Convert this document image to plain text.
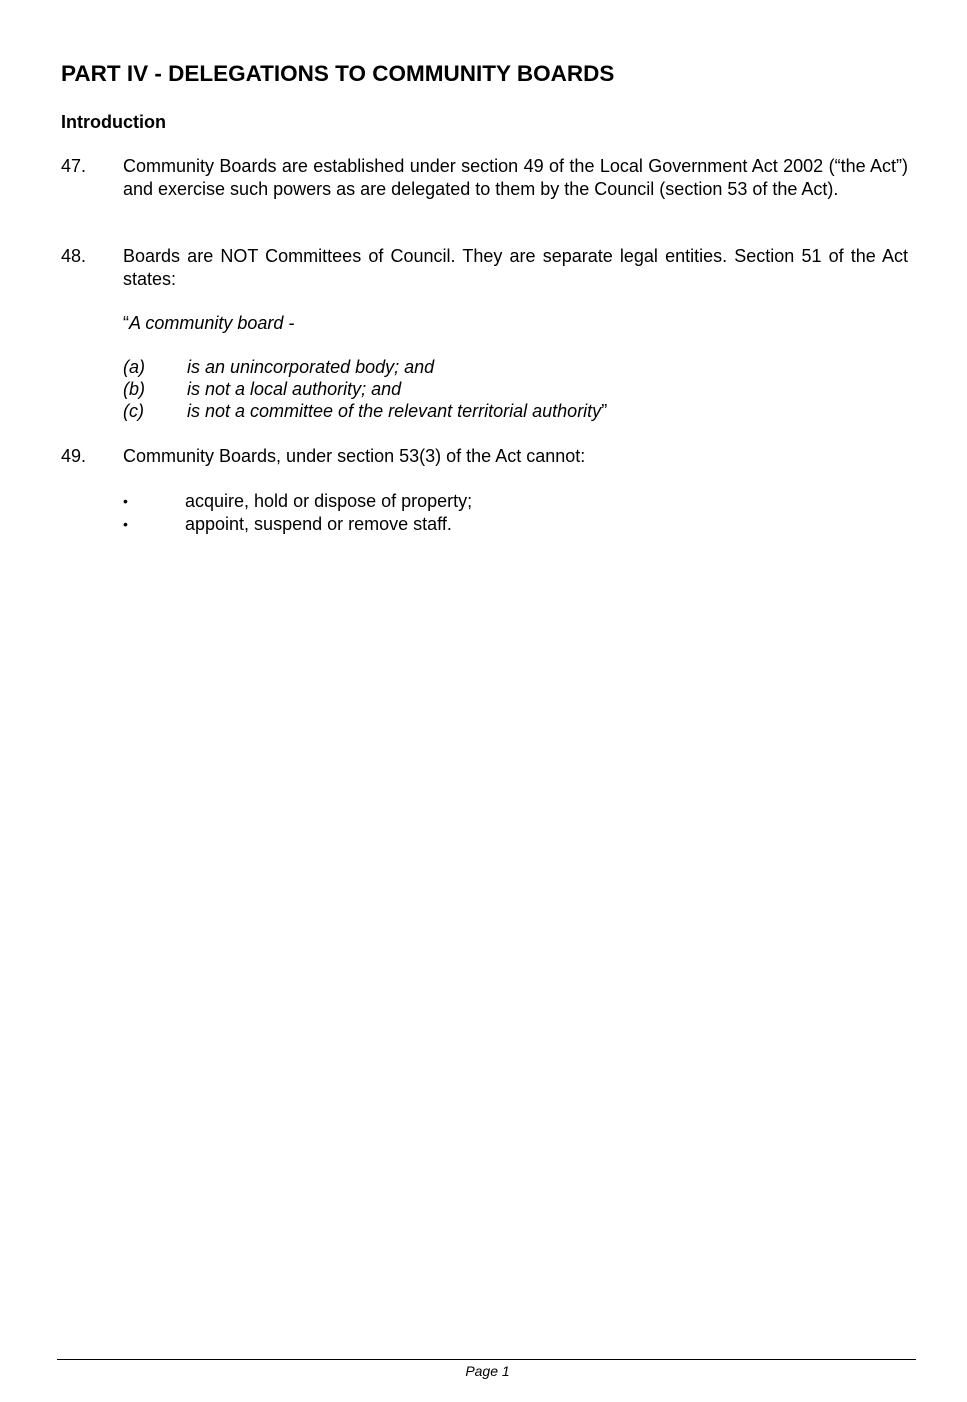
PART IV - DELEGATIONS TO COMMUNITY BOARDS
Introduction
47. Community Boards are established under section 49 of the Local Government Act 2002 (“the Act”) and exercise such powers as are delegated to them by the Council (section 53 of the Act).
48. Boards are NOT Committees of Council. They are separate legal entities. Section 51 of the Act states:
“A community board -
(a) is an unincorporated body; and
(b) is not a local authority; and
(c) is not a committee of the relevant territorial authority”
49. Community Boards, under section 53(3) of the Act cannot:
•	acquire, hold or dispose of property;
•	appoint, suspend or remove staff.
Page 1
